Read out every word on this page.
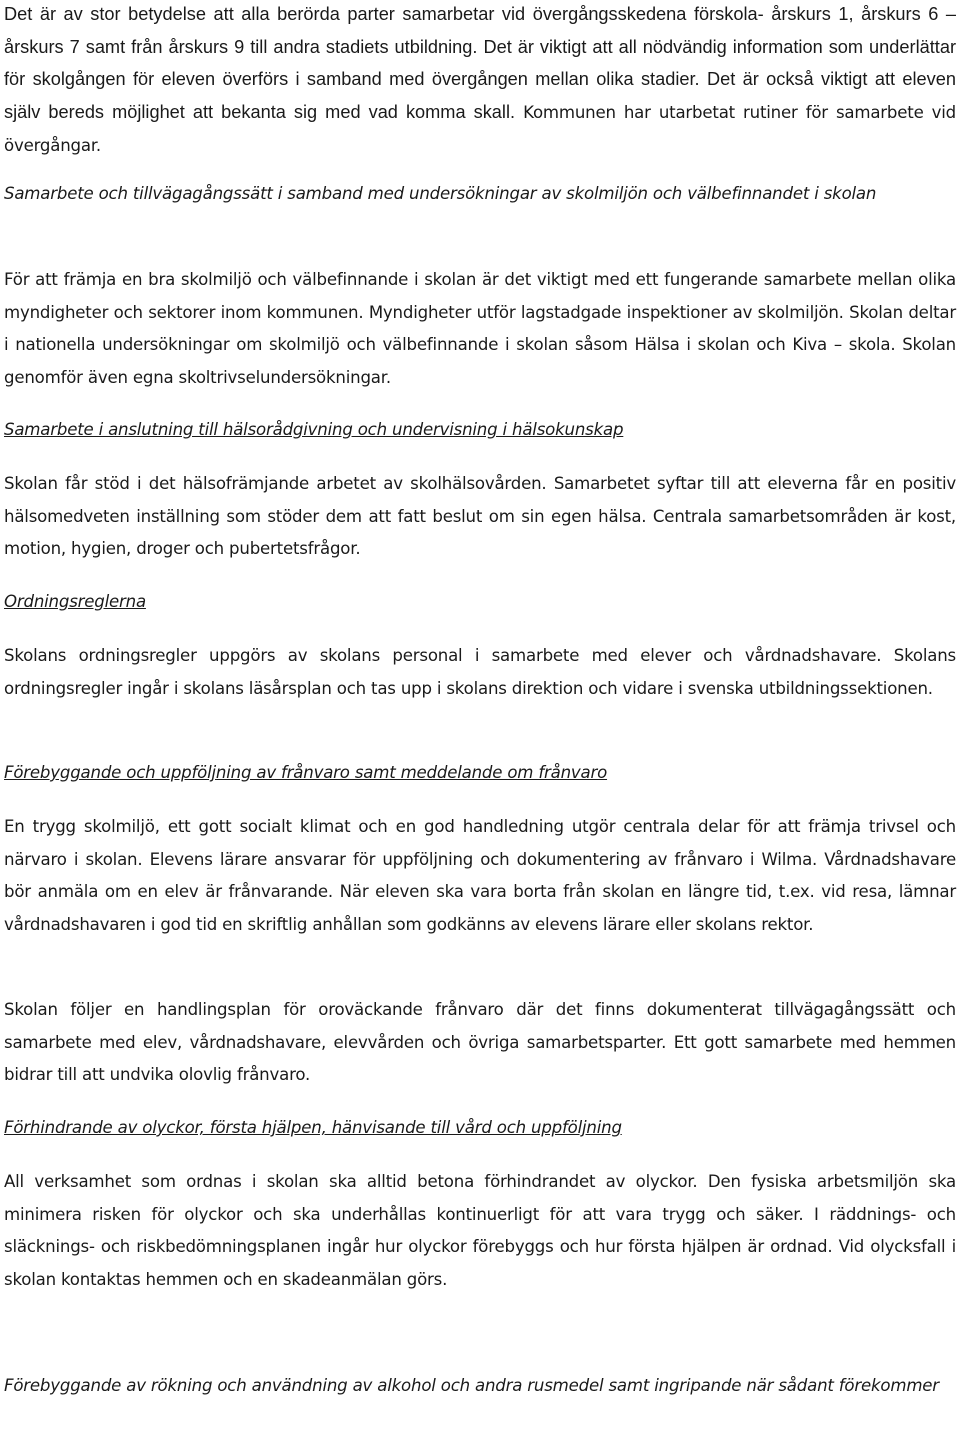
Det är av stor betydelse att alla berörda parter samarbetar vid övergångsskedena förskola- årskurs 1, årskurs 6 – årskurs 7 samt från årskurs 9 till andra stadiets utbildning. Det är viktigt att all nödvändig information som underlättar för skolgången för eleven överförs i samband med övergången mellan olika stadier. Det är också viktigt att eleven själv bereds möjlighet att bekanta sig med vad komma skall. Kommunen har utarbetat rutiner för samarbete vid övergångar.

Samarbete och tillvägagångssätt i samband med undersökningar av skolmiljön och välbefinnandet i skolan

För att främja en bra skolmiljö och välbefinnande i skolan är det viktigt med ett fungerande samarbete mellan olika myndigheter och sektorer inom kommunen. Myndigheter utför lagstadgade inspektioner av skolmiljön. Skolan deltar i nationella undersökningar om skolmiljö och välbefinnande i skolan såsom Hälsa i skolan och Kiva – skola. Skolan genomför även egna skoltrivselundersökningar.

Samarbete i anslutning till hälsorådgivning och undervisning i hälsokunskap

Skolan får stöd i det hälsofrämjande arbetet av skolhälsovården. Samarbetet syftar till att eleverna får en positiv hälsomedveten inställning som stöder dem att fatt beslut om sin egen hälsa. Centrala samarbetsområden är kost, motion, hygien, droger och pubertetsfrågor.

Ordningsreglerna

Skolans ordningsregler uppgörs av skolans personal i samarbete med elever och vårdnadshavare. Skolans ordningsregler ingår i skolans läsårsplan och tas upp i skolans direktion och vidare i svenska utbildningssektionen.

Förebyggande och uppföljning av frånvaro samt meddelande om frånvaro

En trygg skolmiljö, ett gott socialt klimat och en god handledning utgör centrala delar för att främja trivsel och närvaro i skolan. Elevens lärare ansvarar för uppföljning och dokumentering av frånvaro i Wilma. Vårdnadshavare bör anmäla om en elev är frånvarande. När eleven ska vara borta från skolan en längre tid, t.ex. vid resa, lämnar vårdnadshavaren i god tid en skriftlig anhållan som godkänns av elevens lärare eller skolans rektor.

Skolan följer en handlingsplan för oroväckande frånvaro där det finns dokumenterat tillvägagångssätt och samarbete med elev, vårdnadshavare, elevvården och övriga samarbetsparter. Ett gott samarbete med hemmen bidrar till att undvika olovlig frånvaro.

Förhindrande av olyckor, första hjälpen, hänvisande till vård och uppföljning

All verksamhet som ordnas i skolan ska alltid betona förhindrandet av olyckor. Den fysiska arbetsmiljön ska minimera risken för olyckor och ska underhållas kontinuerligt för att vara trygg och säker. I räddnings- och släcknings- och riskbedömningsplanen ingår hur olyckor förebyggs och hur första hjälpen är ordnad. Vid olycksfall i skolan kontaktas hemmen och en skadeanmälan görs.

Förebyggande av rökning och användning av alkohol och andra rusmedel samt ingripande när sådant förekommer
